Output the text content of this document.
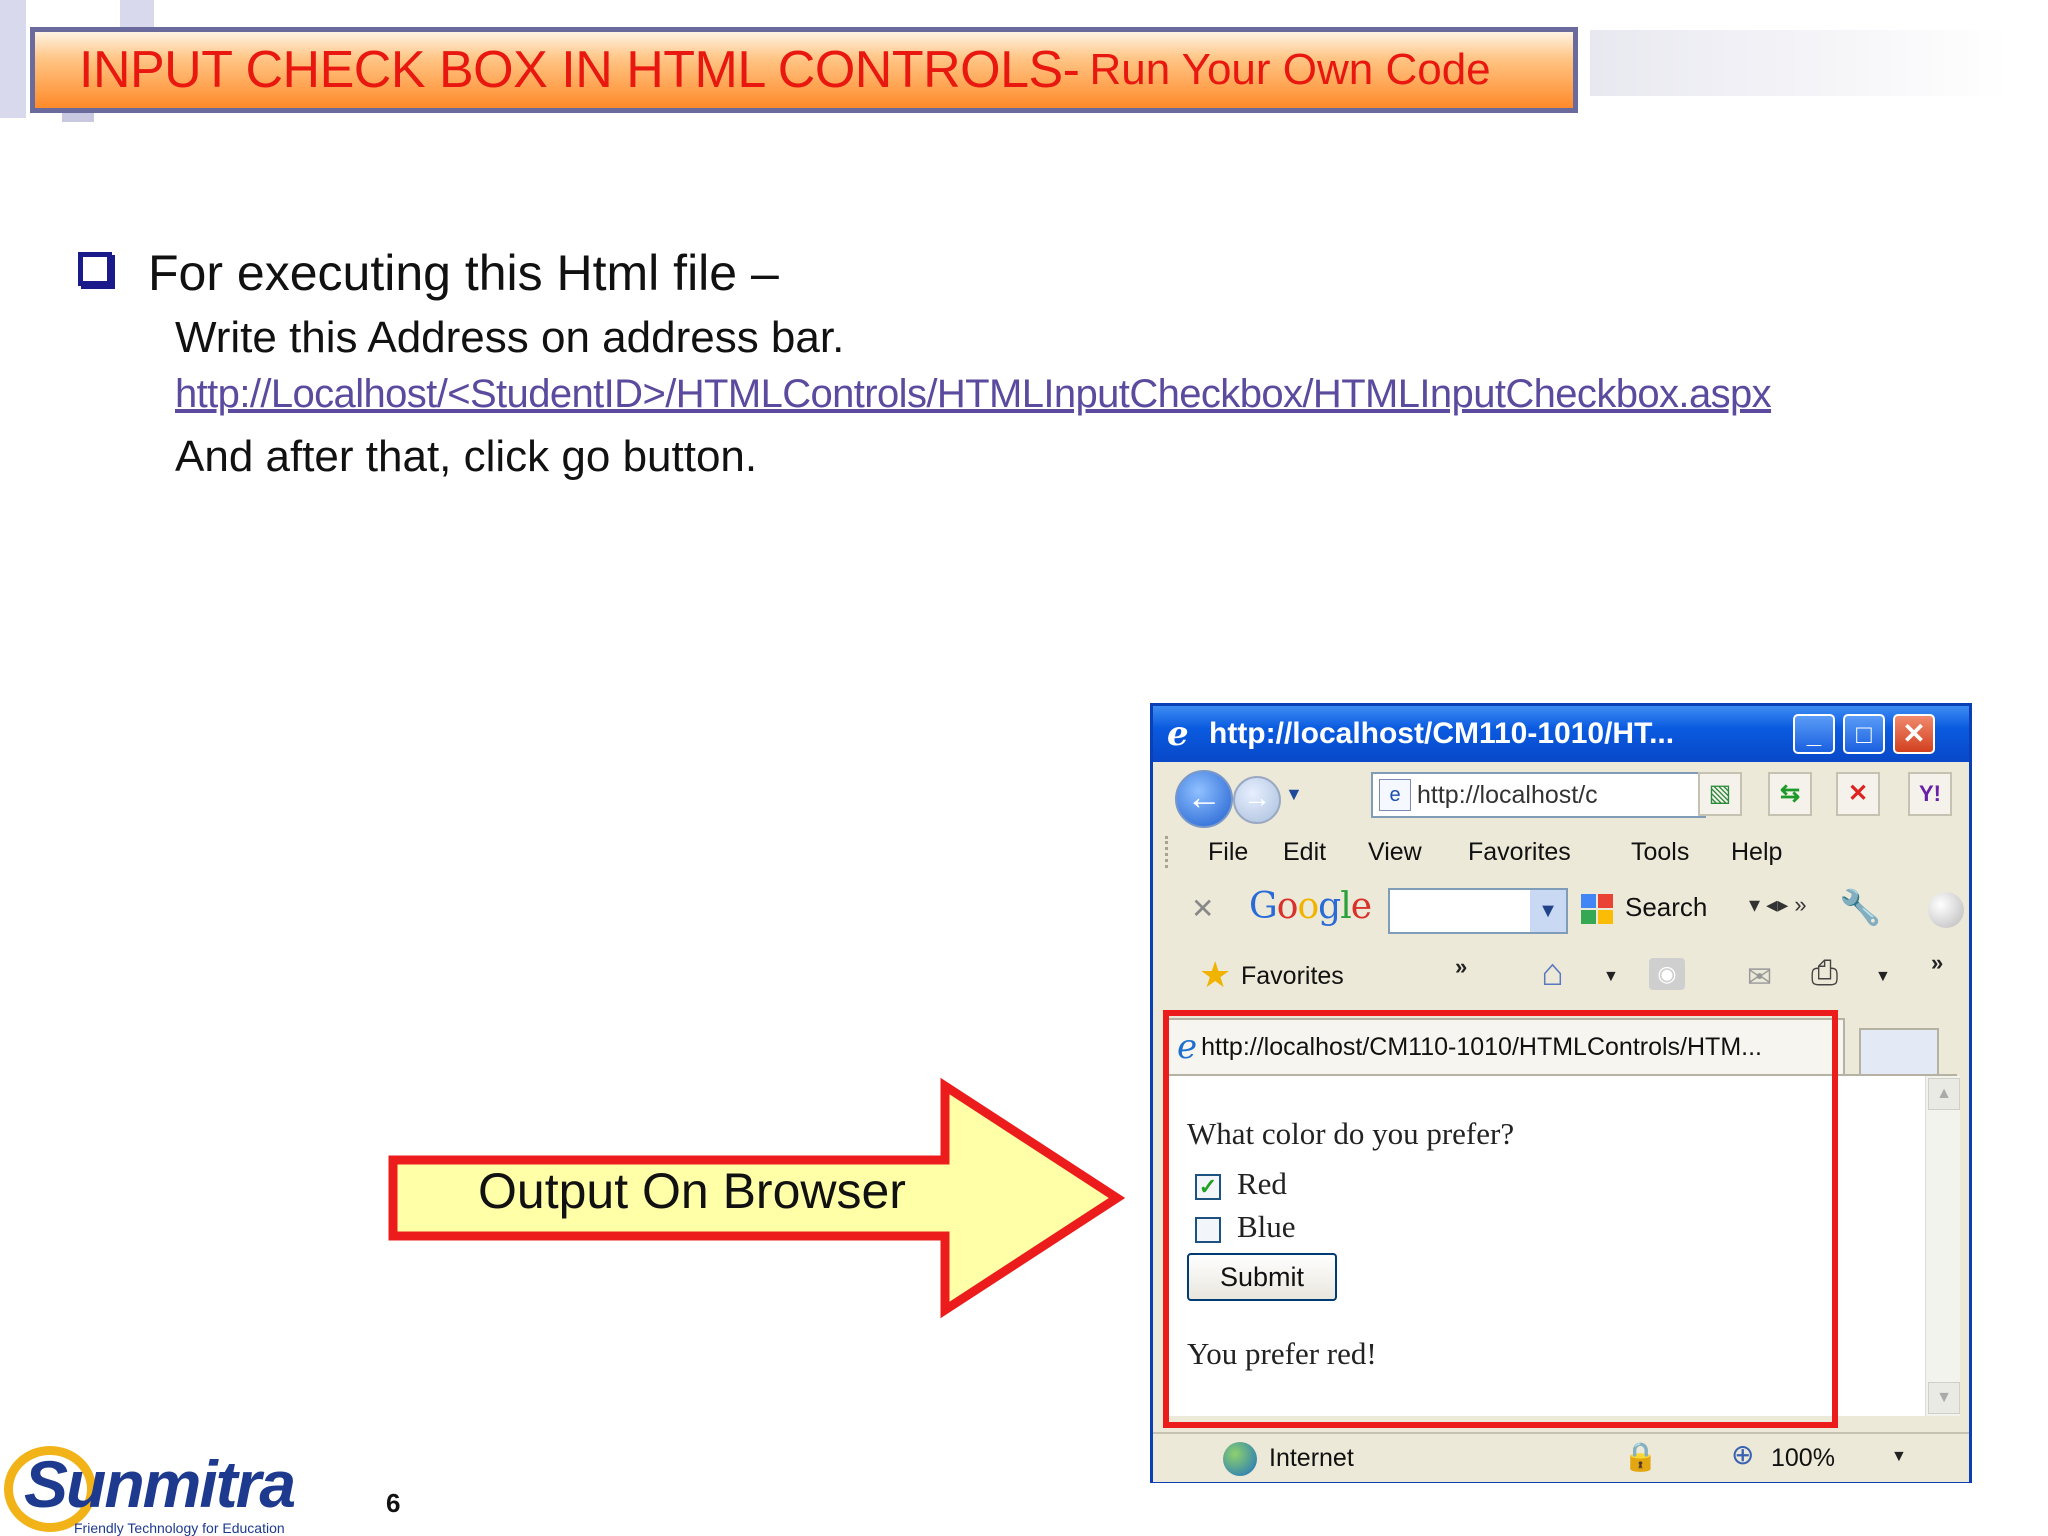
INPUT CHECK BOX IN HTML CONTROLS- Run Your Own Code
For executing this Html file –
Write this Address on address bar.
http://Localhost/<StudentID>/HTMLControls/HTMLInputCheckbox/HTMLInputCheckbox.aspx
And after that, click go button.
Output On Browser
e http://localhost/CM110-1010/HT...	_	□	✕
← → ▼	e http://localhost/c	▧	⇆	✕	Y!
File Edit View Favorites Tools Help
✕ Google	▼	Search ▾ ◂▸ » 🔧
★ Favorites	» ⌂ ▼	◉ ✉ ⎙ ▼
»
e http://localhost/CM110-1010/HTMLControls/HTM...
What color do you prefer?
✓ Red
Blue
Submit
You prefer red!
▲
▼
Internet	🔒	⊕ 100%	▼
Sunmitra
Friendly Technology for Education
6
